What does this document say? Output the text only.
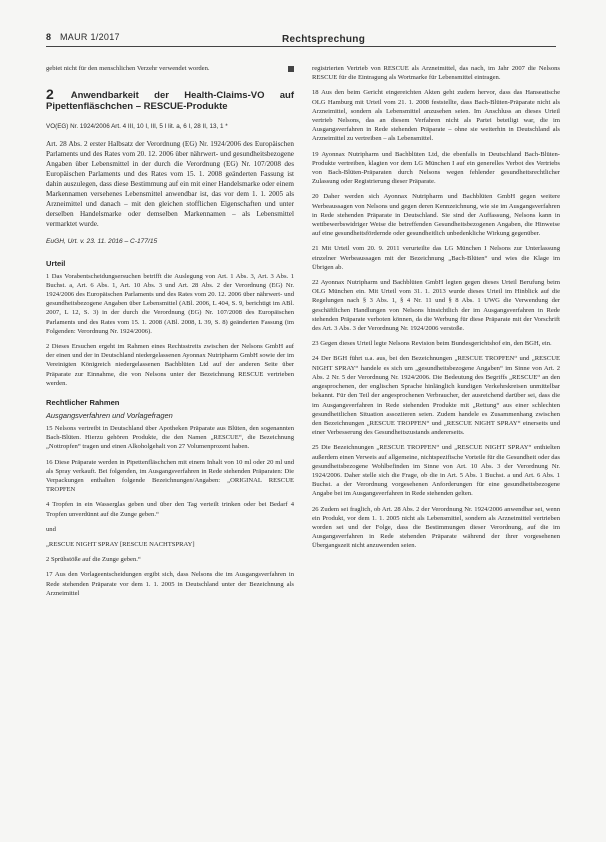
8 MAUR 1/2017	Rechtsprechung

gebiet nicht für den menschlichen Verzehr verwendet worden.

2 Anwendbarkeit der Health-Claims-VO auf Pipettenfläschchen – RESCUE-Produkte

VO(EG) Nr. 1924/2006 Art. 4 III, 10 I, III, 5 I lit. a, 6 I, 28 II, 13, 1 *

Art. 28 Abs. 2 erster Halbsatz der Verordnung (EG) Nr. 1924/2006 des Europäischen Parlaments und des Rates vom 20. 12. 2006 über nährwert- und gesundheitsbezogene Angaben über Lebensmittel in der durch die Verordnung (EG) Nr. 107/2008 des Europäischen Parlaments und des Rates vom 15. 1. 2008 geänderten Fassung ist dahin auszulegen, dass diese Bestimmung auf ein mit einer Handelsmarke oder einem Markennamen versehenes Lebensmittel anwendbar ist, das vor dem 1. 1. 2005 als Arzneimittel und danach – mit den gleichen stofflichen Eigenschaften und unter derselben Handelsmarke oder demselben Markennamen – als Lebensmittel vermarktet wurde.

EuGH, Urt. v. 23. 11. 2016 – C-177/15

Urteil

1 Das Vorabentscheidungsersuchen betrifft die Auslegung von Art. 1 Abs. 3, Art. 3 Abs. 1 Buchst. a, Art. 6 Abs. 1, Art. 10 Abs. 3 und Art. 28 Abs. 2 der Verordnung (EG) Nr. 1924/2006 des Europäischen Parlaments und des Rates vom 20. 12. 2006 über nährwert- und gesundheitsbezogene Angaben über Lebensmittel (ABl. 2006, L 404, S. 9, berichtigt im ABl. 2007, L 12, S. 3) in der durch die Verordnung (EG) Nr. 107/2008 des Europäischen Parlaments und des Rates vom 15. 1. 2008 (ABl. 2008, L 39, S. 8) geänderten Fassung (im Folgenden: Verordnung Nr. 1924/2006).

2 Dieses Ersuchen ergeht im Rahmen eines Rechtsstreits zwischen der Nelsons GmbH auf der einen und der in Deutschland niedergelassenen Ayonnax Nutripharm GmbH sowie der im Vereinigten Königreich niedergelassenen Bachblüten Ltd auf der anderen Seite über Präparate zur Einnahme, die von Nelsons unter der Bezeichnung RESCUE vertrieben werden.

Rechtlicher Rahmen
Ausgangsverfahren und Vorlagefragen

15 Nelsons vertreibt in Deutschland über Apotheken Präparate aus Blüten, den sogenannten Bach-Blüten. Hierzu gehören Produkte, die den Namen „RESCUE“, die Bezeichnung „Nottropfen“ tragen und einen Alkoholgehalt von 27 Volumenprozent haben.

16 Diese Präparate werden in Pipettenfläschchen mit einem Inhalt von 10 ml oder 20 ml und als Spray verkauft. Bei folgenden, im Ausgangsverfahren in Rede stehenden Präparaten: Die Verpackungen enthalten folgende Bezeichnungen/Angaben: „ORIGINAL RESCUE TROPFEN

4 Tropfen in ein Wasserglas geben und über den Tag verteilt trinken oder bei Bedarf 4 Tropfen unverdünnt auf die Zunge geben.“

und

„RESCUE NIGHT SPRAY [RESCUE NACHTSPRAY]

2 Sprühstöße auf die Zunge geben.“

17 Aus den Vorlageentscheidungen ergibt sich, dass Nelsons die im Ausgangsverfahren in Rede stehenden Präparate vor dem 1. 1. 2005 in Deutschland unter der Bezeichnung als Arzneimittel

registrierten Vertrieb von RESCUE als Arzneimittel, das nach, im Jahr 2007 die Nelsons RESCUE für die Eintragung als Wortmarke für Lebensmittel eintragen.

18 Aus den beim Gericht eingereichten Akten geht zudem hervor, dass das Hanseatische OLG Hamburg mit Urteil vom 21. 1. 2008 feststellte, dass Bach-Blüten-Präparate nicht als Arzneimittel, sondern als Lebensmittel anzusehen seien. Im Anschluss an dieses Urteil vertrieb Nelsons, das an diesem Verfahren nicht als Partei beteiligt war, die im Ausgangsverfahren in Rede stehenden Präparate – ohne sie weiterhin in Deutschland als Arzneimittel zu vertreiben – als Lebensmittel.

19 Ayonnax Nutripharm und Bachblüten Ltd, die ebenfalls in Deutschland Bach-Blüten-Produkte vertreiben, klagten vor dem LG München I auf ein generelles Verbot des Vertriebs von Bach-Blüten-Präparaten durch Nelsons wegen fehlender gesundheitsrechtlicher Zulassung oder Registrierung dieser Präparate.

20 Daher werden sich Ayonnax Nutripharm und Bachblüten GmbH gegen weitere Werbeaussagen von Nelsons und gegen deren Kennzeichnung, wie sie im Ausgangsverfahren in Rede stehenden Präparate in Deutschland. Sie sind der Auffassung, Nelsons kann in wettbewerbswidriger Weise die betreffenden Gesundheitsbezogenen Angaben, die Hinweise auf eine gesundheitsfördernde oder gesundheitlich unbedenkliche Wirkung gegenüber.

21 Mit Urteil vom 20. 9. 2011 verurteilte das LG München I Nelsons zur Unterlassung einzelner Werbeaussagen mit der Bezeichnung „Bach-Blüten“ und wies die Klage im Übrigen ab.

22 Ayonnax Nutripharm und Bachblüten GmbH legten gegen dieses Urteil Berufung beim OLG München ein. Mit Urteil vom 31. 1. 2013 wurde dieses Urteil im Hinblick auf die Regelungen nach § 3 Abs. 1, § 4 Nr. 11 und § 8 Abs. 1 UWG die Verwendung der geschäftlichen Handlungen von Nelsons hinsichtlich der im Ausgangsverfahren in Rede stehenden Präparate verboten können, da die Werbung für diese Präparate mit der Vorschrift des Art. 3 Abs. 3 der Verordnung Nr. 1924/2006 verstoße.

23 Gegen dieses Urteil legte Nelsons Revision beim Bundesgerichtshof ein, den BGH, ein.

24 Der BGH führt u.a. aus, bei den Bezeichnungen „RESCUE TROPFEN“ und „RESCUE NIGHT SPRAY“ handele es sich um „gesundheitsbezogene Angaben“ im Sinne von Art. 2 Abs. 2 Nr. 5 der Verordnung Nr. 1924/2006. Die Bedeutung des Begriffs „RESCUE“ an den angesprochenen, der englischen Sprache hinlänglich kundigen Verkehrskreisen unmittelbar bekannt. Für den Teil der angesprochenen Verbraucher, der ausreichend darüber sei, dass die im Ausgangsverfahren in Rede stehenden Produkte mit „Rettung“ aus einer schlechten gesundheitlichen Situation assoziieren seien. Zudem handele es Zusammenhang zwischen den Bezeichnungen „RESCUE TROPFEN“ und „RESCUE NIGHT SPRAY“ einerseits und einer Verbesserung des Gesundheitszustands andererseits.

25 Die Bezeichnungen „RESCUE TROPFEN“ und „RESCUE NIGHT SPRAY“ enthielten außerdem einen Verweis auf allgemeine, nichtspezifische Vorteile für die Gesundheit oder das gesundheitsbezogene Wohlbefinden im Sinne von Art. 10 Abs. 3 der Verordnung Nr. 1924/2006. Daher stelle sich die Frage, ob die in Art. 5 Abs. 1 Buchst. a und Art. 6 Abs. 1 Buchst. a der Verordnung vorgesehenen Anforderungen für eine gesundheitsbezogene Angabe bei im Ausgangsverfahren in Rede stehenden gelten.

26 Zudem sei fraglich, ob Art. 28 Abs. 2 der Verordnung Nr. 1924/2006 anwendbar sei, wenn ein Produkt, vor dem 1. 1. 2005 nicht als Lebensmittel, sondern als Arzneimittel vertrieben worden sei und der Folge, dass die Bestimmungen dieser Verordnung, auf die im Ausgangsverfahren in Rede stehenden Präparate während der ihrer vorgesehenen Übergangszeit nicht anzuwenden seien.
